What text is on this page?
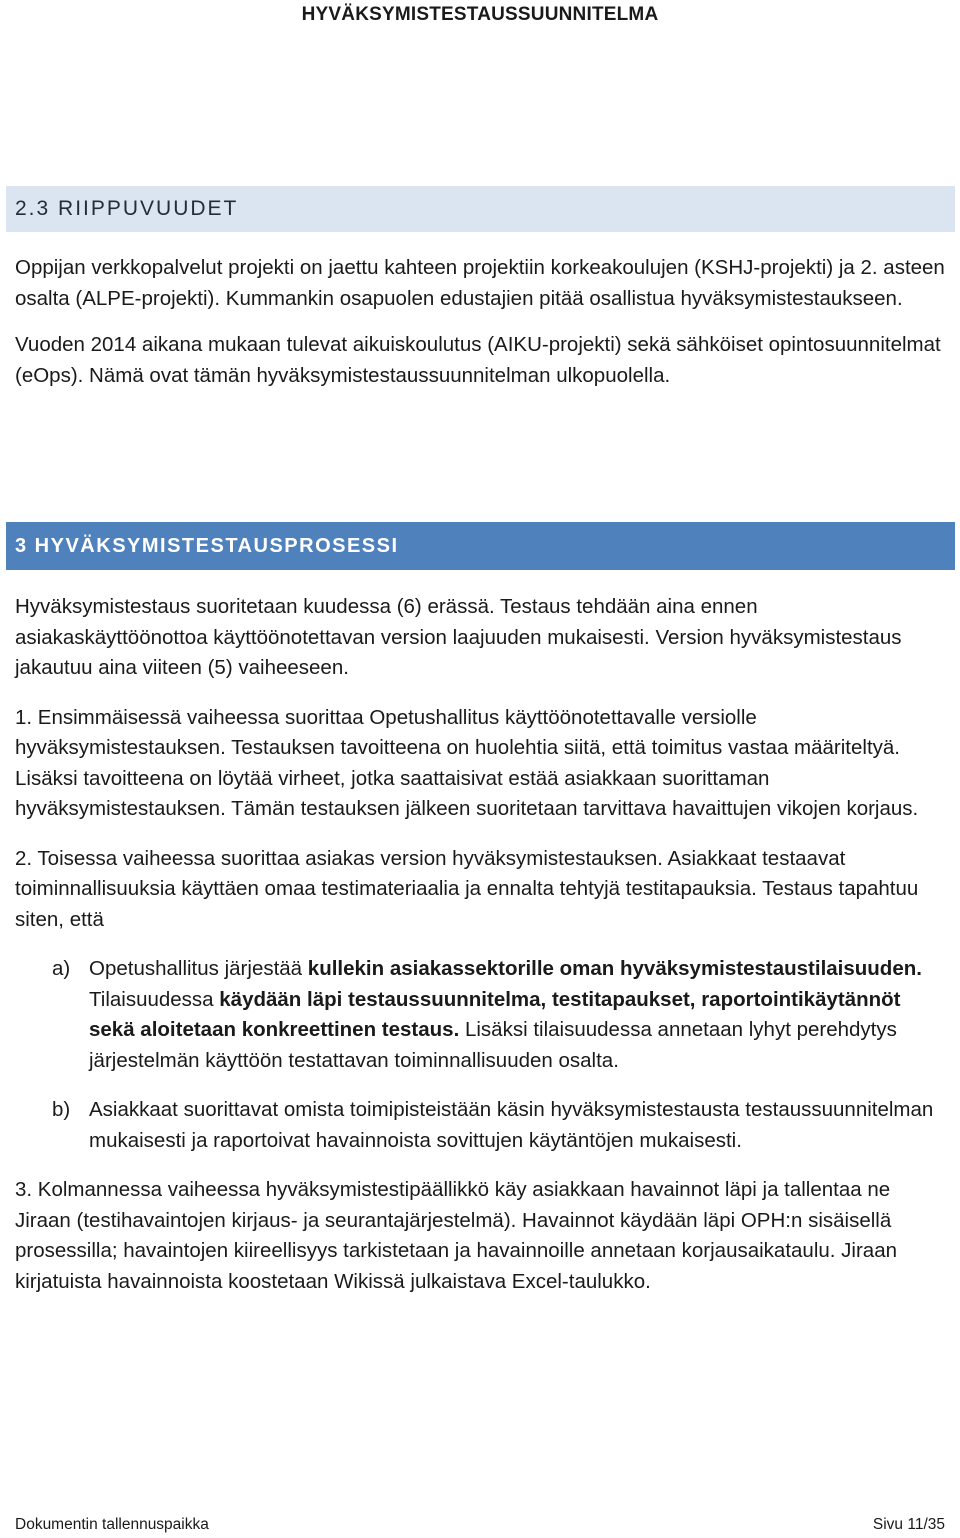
HYVÄKSYMISTESTAUSSUUNNITELMA
2.3 RIIPPUVUUDET

Oppijan verkkopalvelut projekti on jaettu kahteen projektiin korkeakoulujen (KSHJ-projekti) ja 2. asteen osalta (ALPE-projekti). Kummankin osapuolen edustajien pitää osallistua hyväksymistestaukseen.

Vuoden 2014 aikana mukaan tulevat aikuiskoulutus (AIKU-projekti) sekä sähköiset opintosuunnitelmat (eOps). Nämä ovat tämän hyväksymistestaussuunnitelman ulkopuolella.

3 HYVÄKSYMISTESTAUSPROSESSI

Hyväksymistestaus suoritetaan kuudessa (6) erässä. Testaus tehdään aina ennen asiakaskäyttöönottoa käyttöönotettavan version laajuuden mukaisesti. Version hyväksymistestaus jakautuu aina viiteen (5) vaiheeseen.

1. Ensimmäisessä vaiheessa suorittaa Opetushallitus käyttöönotettavalle versiolle hyväksymistestauksen. Testauksen tavoitteena on huolehtia siitä, että toimitus vastaa määriteltyä. Lisäksi tavoitteena on löytää virheet, jotka saattaisivat estää asiakkaan suorittaman hyväksymistestauksen. Tämän testauksen jälkeen suoritetaan tarvittava havaittujen vikojen korjaus.

2. Toisessa vaiheessa suorittaa asiakas version hyväksymistestauksen. Asiakkaat testaavat toiminnallisuuksia käyttäen omaa testimateriaalia ja ennalta tehtyjä testitapauksia. Testaus tapahtuu siten, että

a) Opetushallitus järjestää kullekin asiakassektorille oman hyväksymistestaustilaisuuden. Tilaisuudessa käydään läpi testaussuunnitelma, testitapaukset, raportointikäytännöt sekä aloitetaan konkreettinen testaus. Lisäksi tilaisuudessa annetaan lyhyt perehdytys järjestelmän käyttöön testattavan toiminnallisuuden osalta.
b) Asiakkaat suorittavat omista toimipisteistään käsin hyväksymistestausta testaussuunnitelman mukaisesti ja raportoivat havainnoista sovittujen käytäntöjen mukaisesti.

3. Kolmannessa vaiheessa hyväksymistestipäällikkö käy asiakkaan havainnot läpi ja tallentaa ne Jiraan (testihavaintojen kirjaus- ja seurantajärjestelmä). Havainnot käydään läpi OPH:n sisäisellä prosessilla; havaintojen kiireellisyys tarkistetaan ja havainnoille annetaan korjausaikataulu. Jiraan kirjatuista havainnoista koostetaan Wikissä julkaistava Excel-taulukko.

Dokumentin tallennuspaikka	Sivu 11/35
